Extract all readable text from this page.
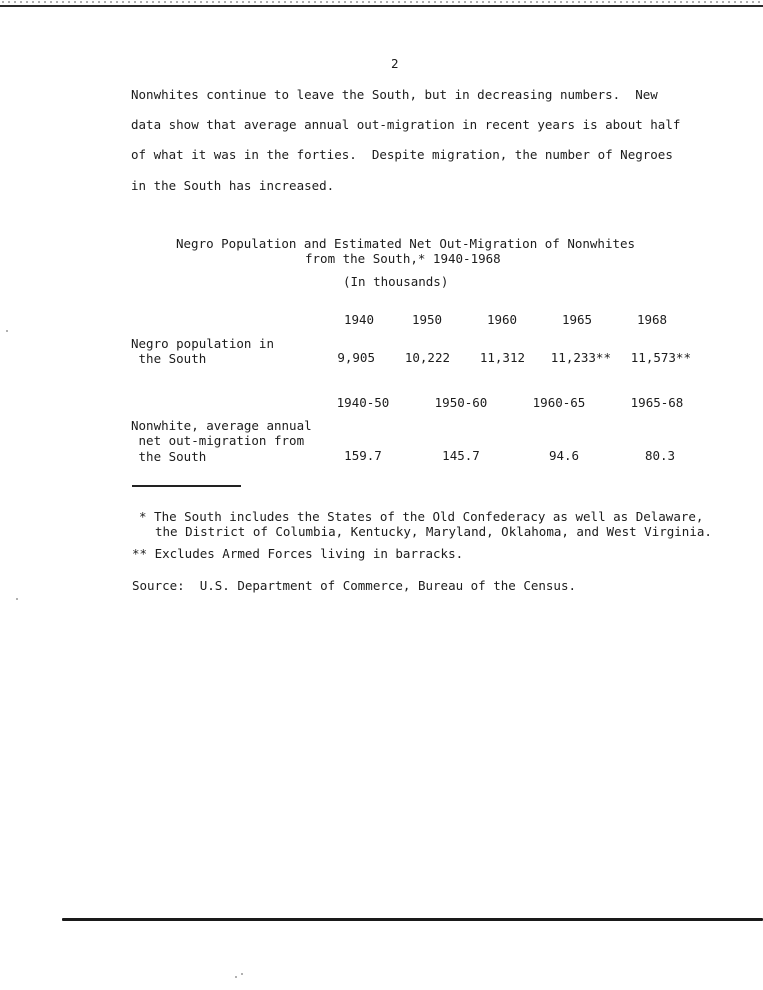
2
Nonwhites continue to leave the South, but in decreasing numbers.  New
data show that average annual out-migration in recent years is about half
of what it was in the forties.  Despite migration, the number of Negroes
in the South has increased.
Negro Population and Estimated Net Out-Migration of Nonwhites
from the South,* 1940-1968
(In thousands)
1940	1950	1960	1965	1968
Negro population in
the South	9,905	10,222	11,312	11,233**	11,573**
1940-50	1950-60	1960-65	1965-68
Nonwhite, average annual
net out-migration from
the South	159.7	145.7	94.6	80.3
* The South includes the States of the Old Confederacy as well as Delaware,
the District of Columbia, Kentucky, Maryland, Oklahoma, and West Virginia.
** Excludes Armed Forces living in barracks.
Source:  U.S. Department of Commerce, Bureau of the Census.
